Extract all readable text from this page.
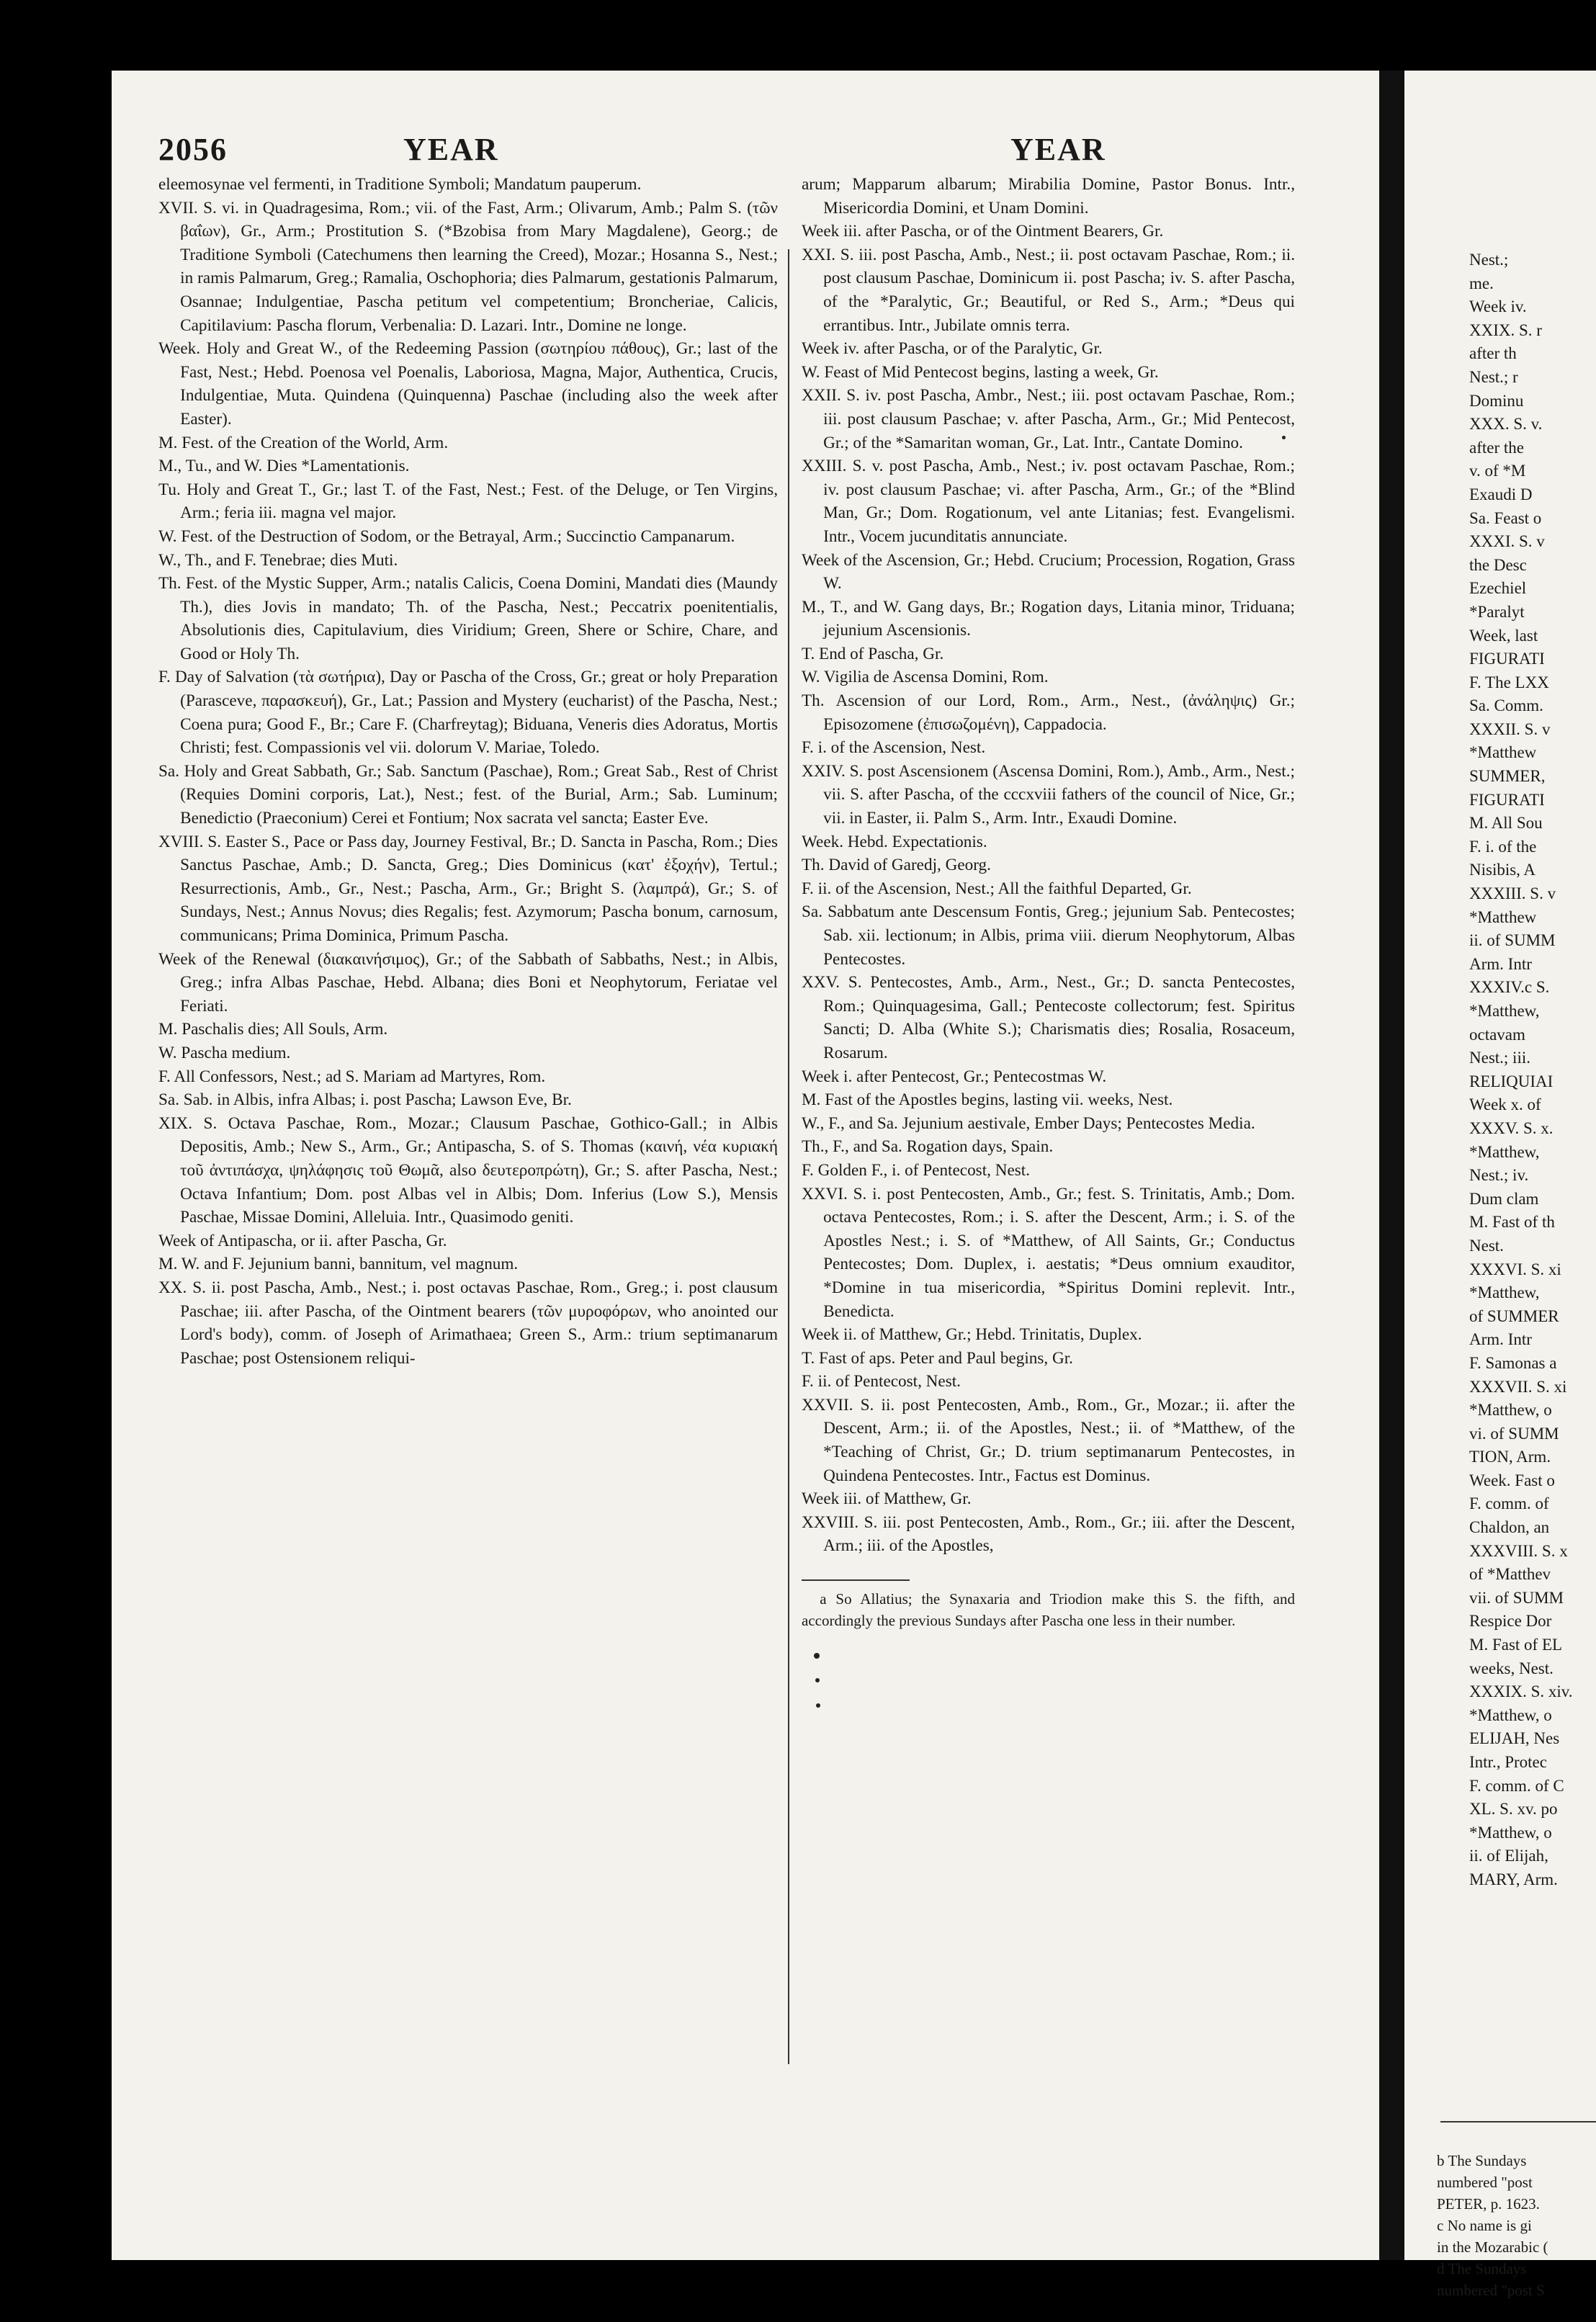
2056	YEAR	YEAR

eleemosynae vel fermenti, in Traditione Symboli; Mandatum pauperum.

XVII. S. vi. in Quadragesima, Rom.; vii. of the Fast, Arm.; Olivarum, Amb.; Palm S. (τῶν βαΐων), Gr., Arm.; Prostitution S. (*Bzobisa from Mary Magdalene), Georg.; de Traditione Symboli (Catechumens then learning the Creed), Mozar.; Hosanna S., Nest.; in ramis Palmarum, Greg.; Ramalia, Oschophoria; dies Palmarum, gestationis Palmarum, Osannae; Indulgentiae, Pascha petitum vel competentium; Broncheriae, Calicis, Capitilavium: Pascha florum, Verbenalia: D. Lazari. Intr., Domine ne longe.

Week. Holy and Great W., of the Redeeming Passion (σωτηρίου πάθους), Gr.; last of the Fast, Nest.; Hebd. Poenosa vel Poenalis, Laboriosa, Magna, Major, Authentica, Crucis, Indulgentiae, Muta. Quindena (Quinquenna) Paschae (including also the week after Easter).

M. Fest. of the Creation of the World, Arm.

M., Tu., and W. Dies *Lamentationis.

Tu. Holy and Great T., Gr.; last T. of the Fast, Nest.; Fest. of the Deluge, or Ten Virgins, Arm.; feria iii. magna vel major.

W. Fest. of the Destruction of Sodom, or the Betrayal, Arm.; Succinctio Campanarum.

W., Th., and F. Tenebrae; dies Muti.

Th. Fest. of the Mystic Supper, Arm.; natalis Calicis, Coena Domini, Mandati dies (Maundy Th.), dies Jovis in mandato; Th. of the Pascha, Nest.; Peccatrix poenitentialis, Absolutionis dies, Capitulavium, dies Viridium; Green, Shere or Schire, Chare, and Good or Holy Th.

F. Day of Salvation (τὰ σωτήρια), Day or Pascha of the Cross, Gr.; great or holy Preparation (Parasceve, παρασκευή), Gr., Lat.; Passion and Mystery (eucharist) of the Pascha, Nest.; Coena pura; Good F., Br.; Care F. (Charfreytag); Biduana, Veneris dies Adoratus, Mortis Christi; fest. Compassionis vel vii. dolorum V. Mariae, Toledo.

Sa. Holy and Great Sabbath, Gr.; Sab. Sanctum (Paschae), Rom.; Great Sab., Rest of Christ (Requies Domini corporis, Lat.), Nest.; fest. of the Burial, Arm.; Sab. Luminum; Benedictio (Praeconium) Cerei et Fontium; Nox sacrata vel sancta; Easter Eve.

XVIII. S. Easter S., Pace or Pass day, Journey Festival, Br.; D. Sancta in Pascha, Rom.; Dies Sanctus Paschae, Amb.; D. Sancta, Greg.; Dies Dominicus (κατ' ἐξοχήν), Tertul.; Resurrectionis, Amb., Gr., Nest.; Pascha, Arm., Gr.; Bright S. (λαμπρά), Gr.; S. of Sundays, Nest.; Annus Novus; dies Regalis; fest. Azymorum; Pascha bonum, carnosum, communicans; Prima Dominica, Primum Pascha.

Week of the Renewal (διακαινήσιμος), Gr.; of the Sabbath of Sabbaths, Nest.; in Albis, Greg.; infra Albas Paschae, Hebd. Albana; dies Boni et Neophytorum, Feriatae vel Feriati.

M. Paschalis dies; All Souls, Arm.

W. Pascha medium.

F. All Confessors, Nest.; ad S. Mariam ad Martyres, Rom.

Sa. Sab. in Albis, infra Albas; i. post Pascha; Lawson Eve, Br.

XIX. S. Octava Paschae, Rom., Mozar.; Clausum Paschae, Gothico-Gall.; in Albis Depositis, Amb.; New S., Arm., Gr.; Antipascha, S. of S. Thomas (καινή, νέα κυριακή τοῦ ἀντιπάσχα, ψηλάφησις τοῦ Θωμᾶ, also δευτεροπρώτη), Gr.; S. after Pascha, Nest.; Octava Infantium; Dom. post Albas vel in Albis; Dom. Inferius (Low S.), Mensis Paschae, Missae Domini, Alleluia. Intr., Quasimodo geniti.

Week of Antipascha, or ii. after Pascha, Gr.

M. W. and F. Jejunium banni, bannitum, vel magnum.

XX. S. ii. post Pascha, Amb., Nest.; i. post octavas Paschae, Rom., Greg.; i. post clausum Paschae; iii. after Pascha, of the Ointment bearers (τῶν μυροφόρων, who anointed our Lord's body), comm. of Joseph of Arimathaea; Green S., Arm.: trium septimanarum Paschae; post Ostensionem reliqui-

arum; Mapparum albarum; Mirabilia Domine, Pastor Bonus. Intr., Misericordia Domini, et Unam Domini.

Week iii. after Pascha, or of the Ointment Bearers, Gr.

XXI. S. iii. post Pascha, Amb., Nest.; ii. post octavam Paschae, Rom.; ii. post clausum Paschae, Dominicum ii. post Pascha; iv. S. after Pascha, of the *Paralytic, Gr.; Beautiful, or Red S., Arm.; *Deus qui errantibus. Intr., Jubilate omnis terra.

Week iv. after Pascha, or of the Paralytic, Gr.

W. Feast of Mid Pentecost begins, lasting a week, Gr.

XXII. S. iv. post Pascha, Ambr., Nest.; iii. post octavam Paschae, Rom.; iii. post clausum Paschae; v. after Pascha, Arm., Gr.; Mid Pentecost, Gr.; of the *Samaritan woman, Gr., Lat. Intr., Cantate Domino.

XXIII. S. v. post Pascha, Amb., Nest.; iv. post octavam Paschae, Rom.; iv. post clausum Paschae; vi. after Pascha, Arm., Gr.; of the *Blind Man, Gr.; Dom. Rogationum, vel ante Litanias; fest. Evangelismi. Intr., Vocem jucunditatis annunciate.

Week of the Ascension, Gr.; Hebd. Crucium; Procession, Rogation, Grass W.

M., T., and W. Gang days, Br.; Rogation days, Litania minor, Triduana; jejunium Ascensionis.

T. End of Pascha, Gr.

W. Vigilia de Ascensa Domini, Rom.

Th. Ascension of our Lord, Rom., Arm., Nest., (ἀνάληψις) Gr.; Episozomene (ἐπισωζομένη), Cappadocia.

F. i. of the Ascension, Nest.

XXIV. S. post Ascensionem (Ascensa Domini, Rom.), Amb., Arm., Nest.; vii. S. after Pascha, of the cccxviii fathers of the council of Nice, Gr.; vii. in Easter, ii. Palm S., Arm. Intr., Exaudi Domine.

Week. Hebd. Expectationis.

Th. David of Garedj, Georg.

F. ii. of the Ascension, Nest.; All the faithful Departed, Gr.

Sa. Sabbatum ante Descensum Fontis, Greg.; jejunium Sab. Pentecostes; Sab. xii. lectionum; in Albis, prima viii. dierum Neophytorum, Albas Pentecostes.

XXV. S. Pentecostes, Amb., Arm., Nest., Gr.; D. sancta Pentecostes, Rom.; Quinquagesima, Gall.; Pentecoste collectorum; fest. Spiritus Sancti; D. Alba (White S.); Charismatis dies; Rosalia, Rosaceum, Rosarum.

Week i. after Pentecost, Gr.; Pentecostmas W.

M. Fast of the Apostles begins, lasting vii. weeks, Nest.

W., F., and Sa. Jejunium aestivale, Ember Days; Pentecostes Media.

Th., F., and Sa. Rogation days, Spain.

F. Golden F., i. of Pentecost, Nest.

XXVI. S. i. post Pentecosten, Amb., Gr.; fest. S. Trinitatis, Amb.; Dom. octava Pentecostes, Rom.; i. S. after the Descent, Arm.; i. S. of the Apostles Nest.; i. S. of *Matthew, of All Saints, Gr.; Conductus Pentecostes; Dom. Duplex, i. aestatis; *Deus omnium exauditor, *Domine in tua misericordia, *Spiritus Domini replevit. Intr., Benedicta.

Week ii. of Matthew, Gr.; Hebd. Trinitatis, Duplex.

T. Fast of aps. Peter and Paul begins, Gr.

F. ii. of Pentecost, Nest.

XXVII. S. ii. post Pentecosten, Amb., Rom., Gr., Mozar.; ii. after the Descent, Arm.; ii. of the Apostles, Nest.; ii. of *Matthew, of the *Teaching of Christ, Gr.; D. trium septimanarum Pentecostes, in Quindena Pentecostes. Intr., Factus est Dominus.

Week iii. of Matthew, Gr.

XXVIII. S. iii. post Pentecosten, Amb., Rom., Gr.; iii. after the Descent, Arm.; iii. of the Apostles,

a So Allatius; the Synaxaria and Triodion make this S. the fifth, and accordingly the previous Sundays after Pascha one less in their number.

Nest.;
me.
Week iv.
XXIX. S. r
after th
Nest.; r
Dominu
XXX. S. v.
after the
v. of *M
Exaudi D
Sa. Feast o
XXXI. S. v
the Desc
Ezechiel
*Paralyt
Week, last
FIGURATI
F. The LXX
Sa. Comm.
XXXII. S. v
*Matthew
SUMMER,
FIGURATI
M. All Sou
F. i. of the
Nisibis, A
XXXIII. S. v
*Matthew
ii. of SUMM
Arm. Intr
XXXIV.c S.
*Matthew,
octavam
Nest.; iii.
RELIQUIAI
Week x. of
XXXV. S. x.
*Matthew,
Nest.; iv.
Dum clam
M. Fast of th
Nest.
XXXVI. S. xi
*Matthew,
of SUMMER
Arm. Intr
F. Samonas a
XXXVII. S. xi
*Matthew, o
vi. of SUMM
TION, Arm.
Week. Fast o
F. comm. of
Chaldon, an
XXXVIII. S. x
of *Matthev
vii. of SUMM
Respice Dor
M. Fast of EL
weeks, Nest.
XXXIX. S. xiv.
*Matthew, o
ELIJAH, Nes
Intr., Protec
F. comm. of C
XL. S. xv. po
*Matthew, o
ii. of Elijah,
MARY, Arm.
b The Sundays
numbered "post
PETER, p. 1623.
c No name is gi
in the Mozarabic (
d The Sundays
numbered "post S
